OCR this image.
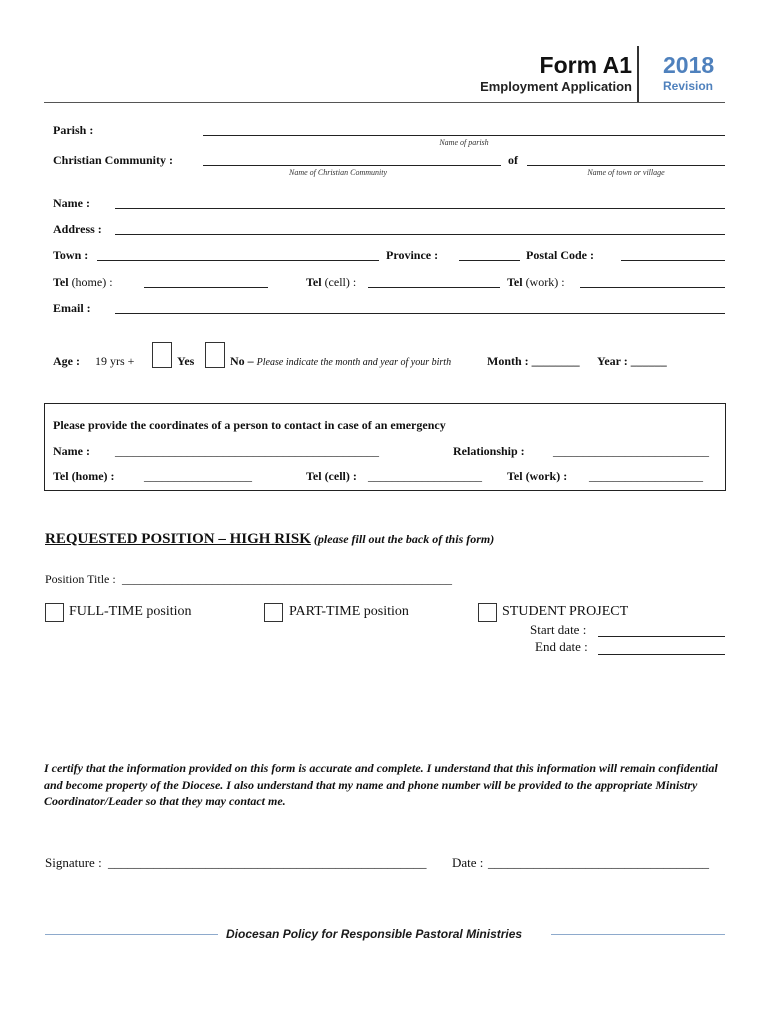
Form A1
Employment Application
2018
Revision
Parish :
Name of parish
Christian Community :
Name of Christian Community
of
Name of town or village
Name :
Address :
Town :	Province :	Postal Code :
Tel (home) :	Tel (cell) :	Tel (work) :
Email :
Age : 19 yrs +	Yes	No – Please indicate the month and year of your birth	Month : ________ Year : ______
Please provide the coordinates of a person to contact in case of an emergency
Name : ____________________________________________	Relationship : __________________________
Tel (home) : __________________	Tel (cell) : ___________________ Tel (work) : ___________________
REQUESTED POSITION – HIGH RISK (please fill out the back of this form)
Position Title : _______________________________________________________
FULL-TIME position	PART-TIME position	STUDENT PROJECT
Start date :
End date :
I certify that the information provided on this form is accurate and complete. I understand that this information will remain confidential and become property of the Diocese. I also understand that my name and phone number will be provided to the appropriate Ministry Coordinator/Leader so that they may contact me.
Signature : _________________________________________________ Date : __________________________________
Diocesan Policy for Responsible Pastoral Ministries
